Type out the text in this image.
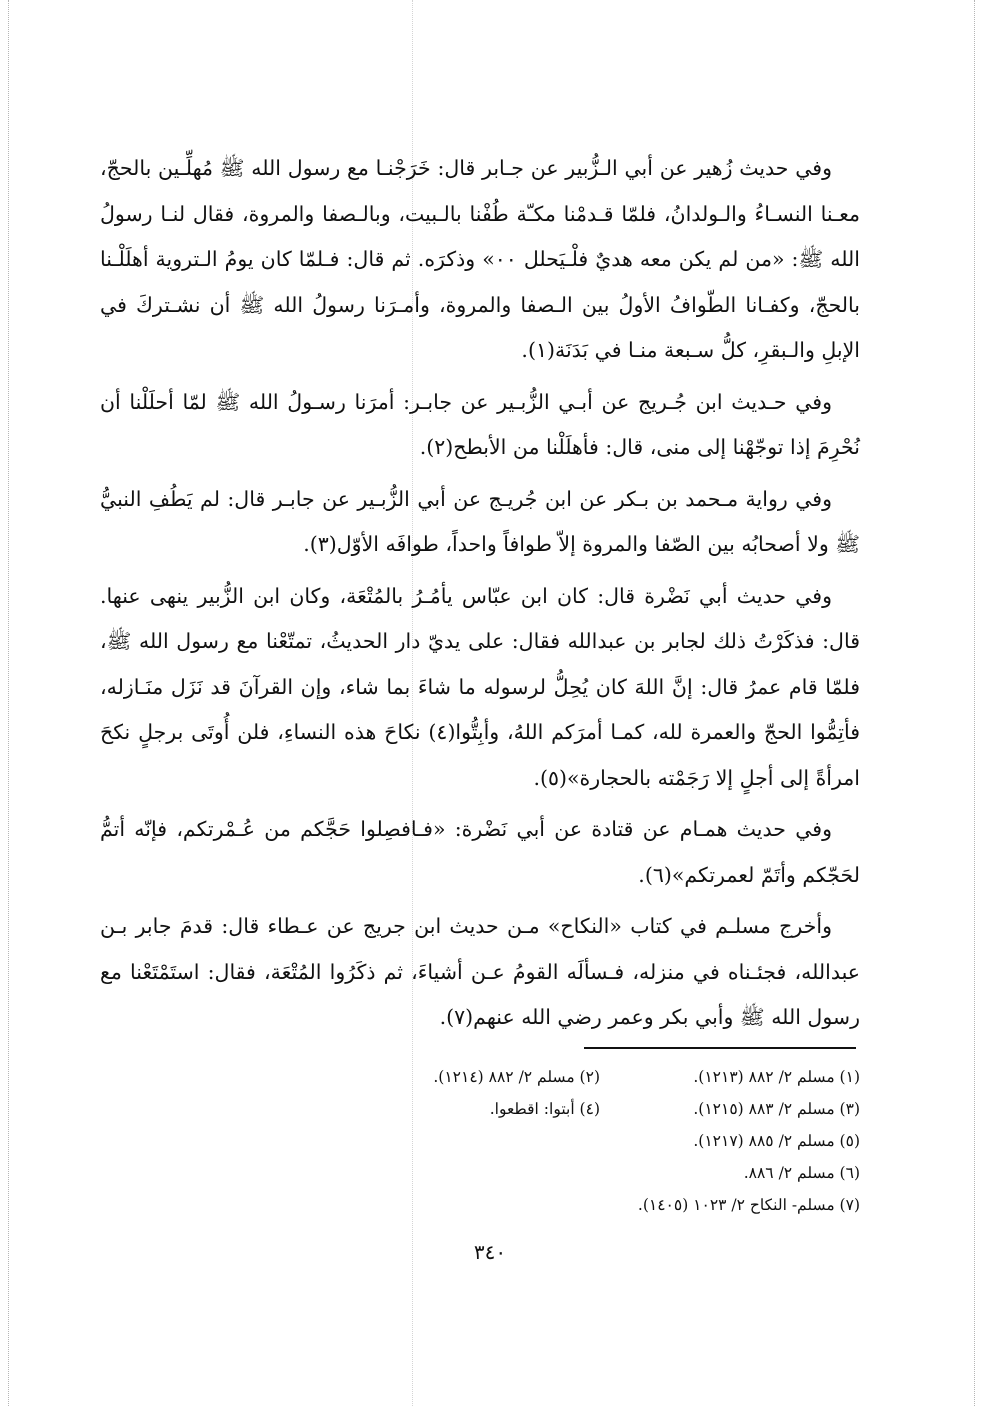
وفي حديث زُهير عن أبي الـزُّبير عن جـابر قال: خَرَجْنـا مع رسول الله ﷺ مُهلِّـين بالحجّ، معـنا النسـاءُ والـولدانُ، فلمّا قـدمْنا مكـّة طُفْنا بالـبيت، وبالـصفا والمروة، فقال لنـا رسولُ الله ﷺ: «من لم يكن معه هديٌ فلْـيَحلل ٠٠» وذكرَه. ثم قال: فـلمّا كان يومُ الـتروية أهلَلْـنا بالحجّ، وكفـانا الطّوافُ الأولُ بين الـصفا والمروة، وأمـرَنا رسولُ الله ﷺ أن نشـتركَ في الإبلِ والـبقرِ، كلُّ سـبعة منـا في بَدَنَة(١).

وفي حـديث ابن جُـريج عن أبـي الزُّبـير عن جابـر: أمرَنا رسـولُ الله ﷺ لمّا أحلَلْنا أن نُحْرِمَ إذا توجّهْنا إلى منى، قال: فأهلَلْنا من الأبطح(٢).

وفي رواية مـحمد بن بـكر عن ابن جُريـج عن أبي الزُّبـير عن جابـر قال: لم يَطُفِ النبيُّ ﷺ ولا أصحابُه بين الصّفا والمروة إلاّ طوافاً واحداً، طوافَه الأوّل(٣).

وفي حديث أبي نَضْرة قال: كان ابن عبّاس يأمُـرُ بالمُتْعَة، وكان ابن الزُّبير ينهى عنها. قال: فذكَرْتُ ذلك لجابر بن عبدالله فقال: على يديّ دار الحديثُ، تمتّعْنا مع رسول الله ﷺ، فلمّا قام عمرُ قال: إنَّ اللهَ كان يُحِلُّ لرسوله ما شاءَ بما شاء، وإن القرآنَ قد نَزَل منَـازله، فأتِمُّوا الحجّ والعمرة لله، كمـا أمرَكم اللهُ، وأبِتُّوا(٤) نكاحَ هذه النساءِ، فلن أُوتَى برجلٍ نكحَ امرأةً إلى أجلٍ إلا رَجَمْته بالحجارة»(٥).

وفي حديث همـام عن قتادة عن أبي نَضْرة: «فـافصِلوا حَجَّكم من عُـمْرتكم، فإنّه أتمُّ لحَجّكم وأتَمّ لعمرتكم»(٦).

وأخرج مسلـم في كتاب «النكاح» مـن حديث ابن جريج عن عـطاء قال: قدمَ جابر بـن عبدالله، فجئـناه في منزله، فـسألَه القومُ عـن أشياءَ، ثم ذكَرُوا المُتْعَة، فقال: استَمْتَعْنا مع رسول الله ﷺ وأبي بكر وعمر رضي الله عنهم(٧).

(١) مسلم ٢/ ٨٨٢ (١٢١٣).
(٢) مسلم ٢/ ٨٨٢ (١٢١٤).
(٣) مسلم ٢/ ٨٨٣ (١٢١٥).
(٤) أبتوا: اقطعوا.
(٥) مسلم ٢/ ٨٨٥ (١٢١٧).
(٦) مسلم ٢/ ٨٨٦.
(٧) مسلم- النكاح ٢/ ١٠٢٣ (١٤٠٥).
٣٤٠
